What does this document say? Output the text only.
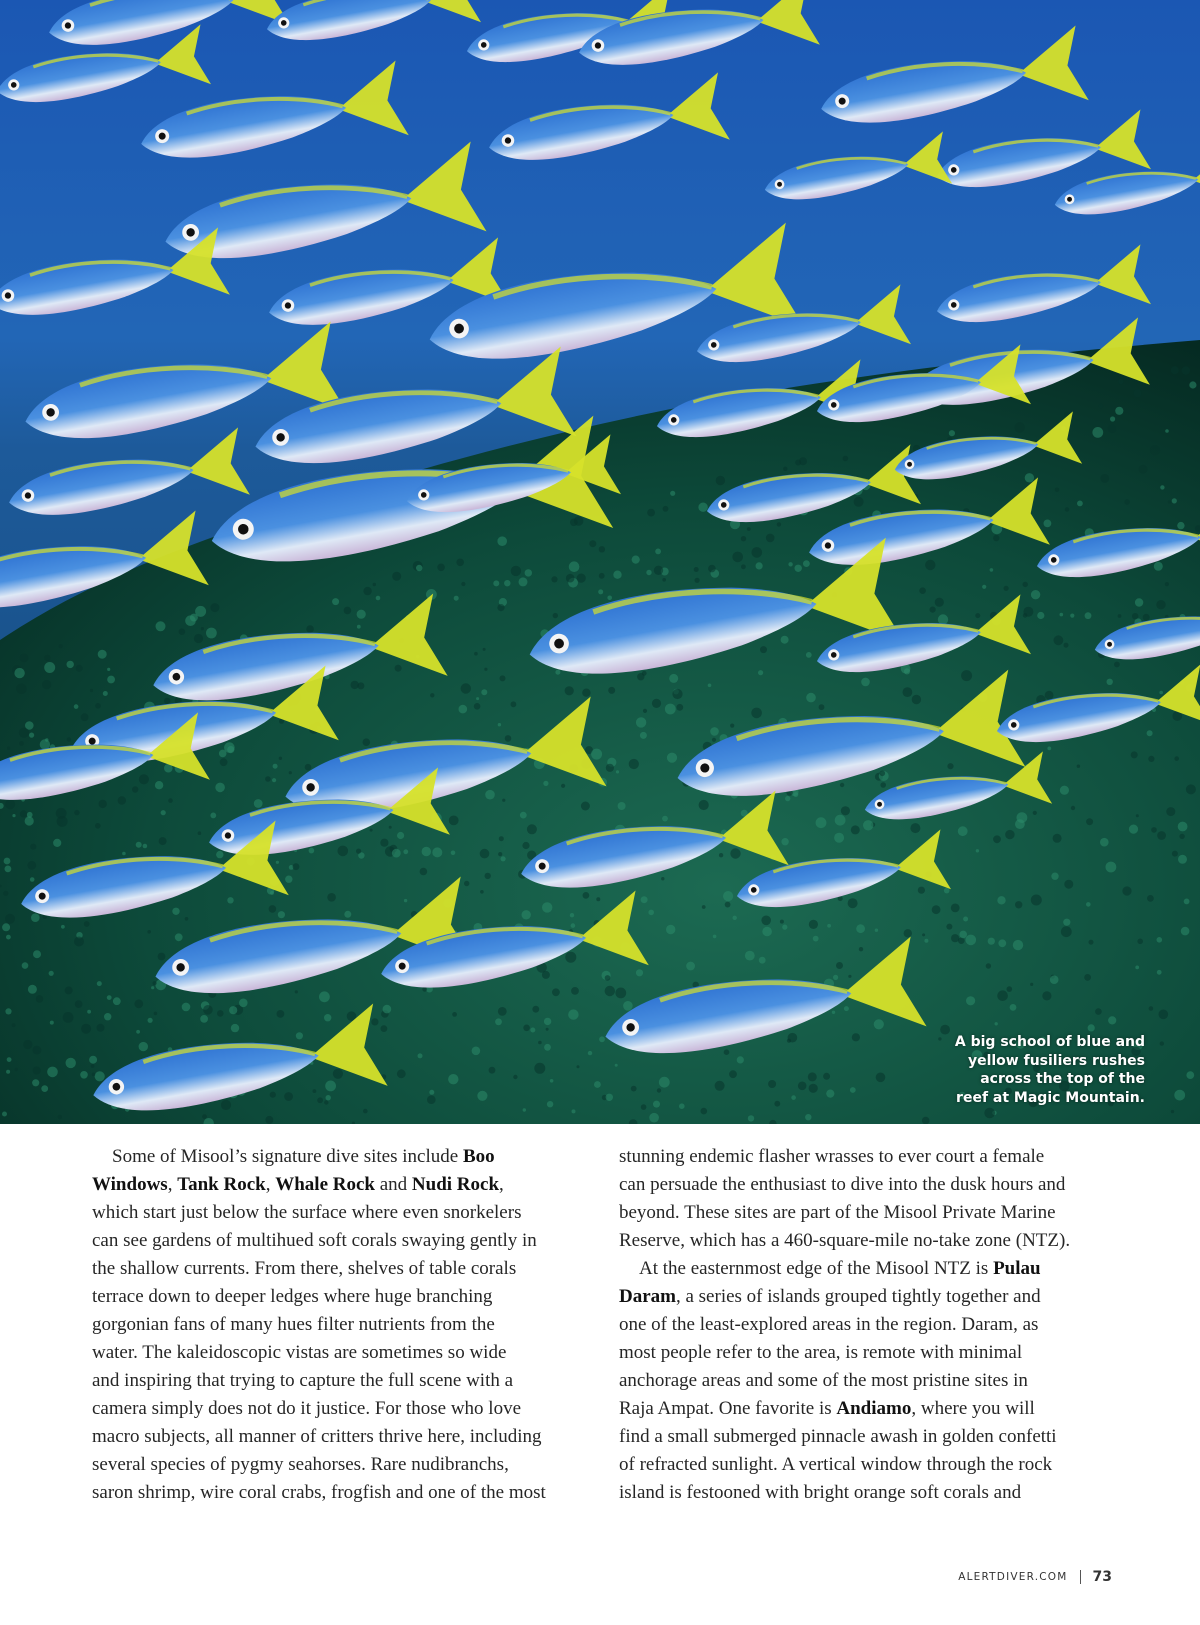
A big school of blue and
yellow fusiliers rushes
across the top of the
reef at Magic Mountain.
Some of Misool’s signature dive sites include Boo
Windows, Tank Rock, Whale Rock and Nudi Rock,
which start just below the surface where even snorkelers
can see gardens of multihued soft corals swaying gently in
the shallow currents. From there, shelves of table corals
terrace down to deeper ledges where huge branching
gorgonian fans of many hues filter nutrients from the
water. The kaleidoscopic vistas are sometimes so wide
and inspiring that trying to capture the full scene with a
camera simply does not do it justice. For those who love
macro subjects, all manner of critters thrive here, including
several species of pygmy seahorses. Rare nudibranchs,
saron shrimp, wire coral crabs, frogfish and one of the most
stunning endemic flasher wrasses to ever court a female
can persuade the enthusiast to dive into the dusk hours and
beyond. These sites are part of the Misool Private Marine
Reserve, which has a 460-square-mile no-take zone (NTZ).
At the easternmost edge of the Misool NTZ is Pulau
Daram, a series of islands grouped tightly together and
one of the least-explored areas in the region. Daram, as
most people refer to the area, is remote with minimal
anchorage areas and some of the most pristine sites in
Raja Ampat. One favorite is Andiamo, where you will
find a small submerged pinnacle awash in golden confetti
of refracted sunlight. A vertical window through the rock
island is festooned with bright orange soft corals and
ALERTDIVER.COM 73
